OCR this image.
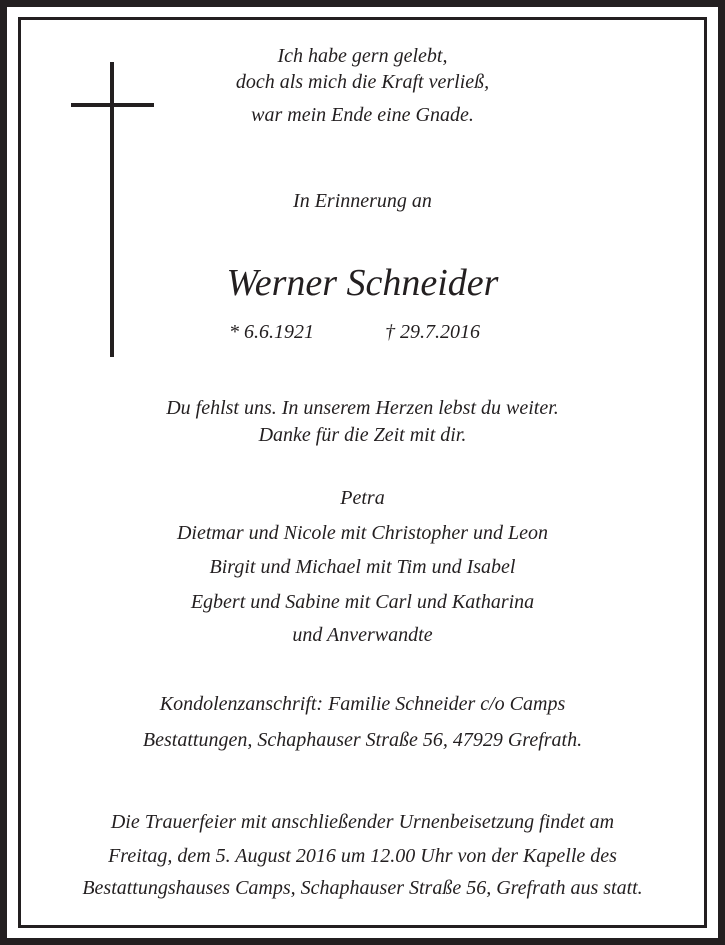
Ich habe gern gelebt,
doch als mich die Kraft verließ,
war mein Ende eine Gnade.
In Erinnerung an
Werner Schneider
* 6.6.1921	† 29.7.2016
Du fehlst uns. In unserem Herzen lebst du weiter.
Danke für die Zeit mit dir.
Petra
Dietmar und Nicole mit Christopher und Leon
Birgit und Michael mit Tim und Isabel
Egbert und Sabine mit Carl und Katharina
und Anverwandte
Kondolenzanschrift: Familie Schneider c/o Camps
Bestattungen, Schaphauser Straße 56, 47929 Grefrath.
Die Trauerfeier mit anschließender Urnenbeisetzung findet am
Freitag, dem 5. August 2016 um 12.00 Uhr von der Kapelle des
Bestattungshauses Camps, Schaphauser Straße 56, Grefrath aus statt.
